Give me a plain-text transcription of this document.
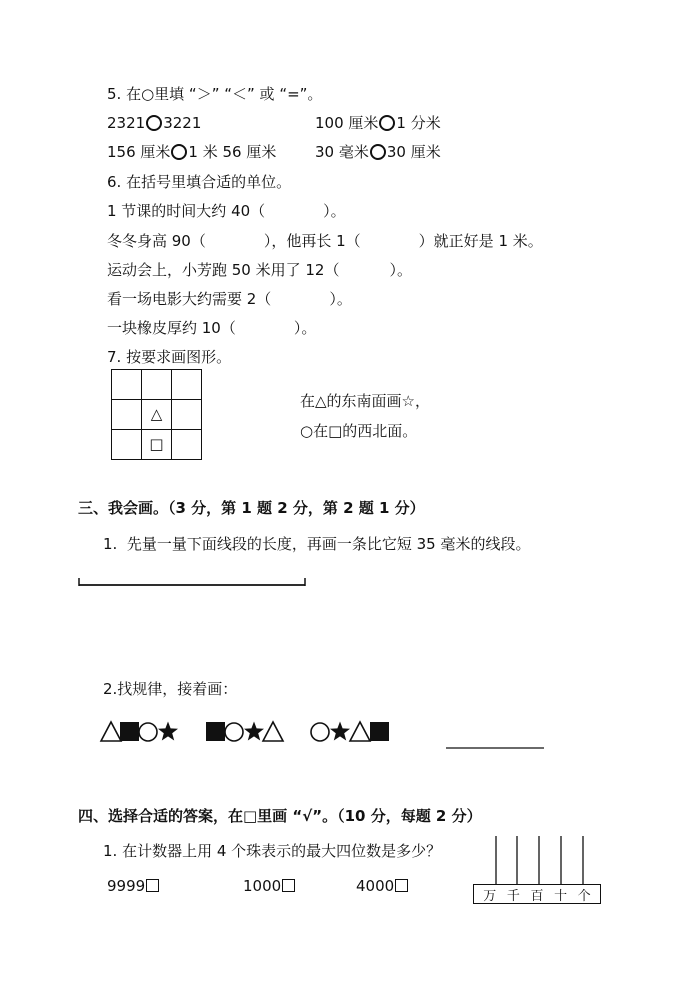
5. 在○里填 “＞” “＜” 或 “=”。
2321 3221	100 厘米 1 分米
156 厘米 1 米 56 厘米	30 毫米 30 厘米
6. 在括号里填合适的单位。
1 节课的时间大约 40（	）。
冬冬身高 90（	），他再长 1（	）就正好是 1 米。
运动会上，小芳跑 50 米用了 12（	）。
看一场电影大约需要 2（	）。
一块橡皮厚约 10（	）。
7. 按要求画图形。

	△	
	□	
在△的东南面画☆，
○在□的西北面。
三、我会画。（3 分，第 1 题 2 分，第 2 题 1 分）
1.  先量一量下面线段的长度，再画一条比它短 35 毫米的线段。
2.找规律，接着画：
四、选择合适的答案，在□里画 “√”。（10 分，每题 2 分）
1. 在计数器上用 4 个珠表示的最大四位数是多少？
9999	1000	4000
万 千 百 十 个
